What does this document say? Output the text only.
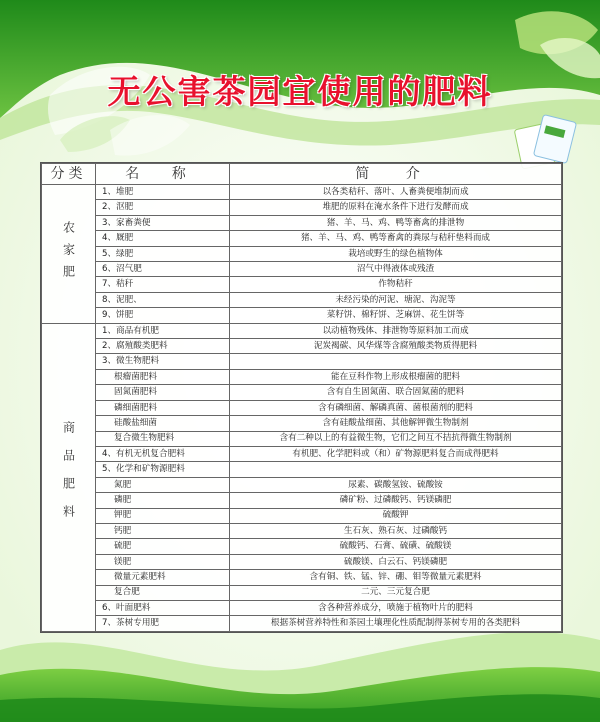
无公害茶园宜使用的肥料
分类	名 称	简 介
农家肥	1、堆肥	以各类秸秆、落叶、人畜粪便堆制而成
	2、沤肥	堆肥的原料在淹水条件下进行发酵而成
	3、家畜粪便	猪、羊、马、鸡、鸭等畜禽的排泄物
	4、厩肥	猪、羊、马、鸡、鸭等畜禽的粪尿与秸秆垫料而成
	5、绿肥	栽培或野生的绿色植物体
	6、沼气肥	沼气中得液体或残渣
	7、秸秆	作物秸秆
	8、泥肥、	未经污染的河泥、塘泥、沟泥等
	9、饼肥	菜籽饼、棉籽饼、芝麻饼、花生饼等
商品肥料	1、商品有机肥	以动植物残体、排泄物等原料加工而成
	2、腐殖酸类肥料	泥炭褐碳、风华煤等含腐殖酸类物质得肥料
	3、微生物肥料	
	根瘤菌肥料	能在豆科作物上形成根瘤菌的肥料
	固氮菌肥料	含有自生固氮菌、联合固氮菌的肥料
	磷细菌肥料	含有磷细菌、解磷真菌、菌根菌剂的肥料
	硅酸盐细菌	含有硅酸盐细菌、其他解钾微生物制剂
	复合微生物肥料	含有二种以上的有益微生物，它们之间互不拮抗得微生物制剂
	4、有机无机复合肥料	有机肥、化学肥料或（和）矿物源肥料复合而成得肥料
	5、化学和矿物源肥料	
	氮肥	尿素、碳酸氢铵、硫酸铵
	磷肥	磷矿粉、过磷酸钙、钙镁磷肥
	钾肥	硫酸钾
	钙肥	生石灰、熟石灰、过磷酸钙
	硫肥	硫酸钙、石膏、硫磺、硫酸镁
	镁肥	硫酸镁、白云石、钙镁磷肥
	微量元素肥料	含有铜、铁、锰、锌、硼、钼等微量元素肥料
	复合肥	二元、三元复合肥
	6、叶面肥料	含各种营养成分，喷施于植物叶片的肥料
	7、茶树专用肥	根据茶树营养特性和茶园土壤理化性质配制得茶树专用的各类肥料
